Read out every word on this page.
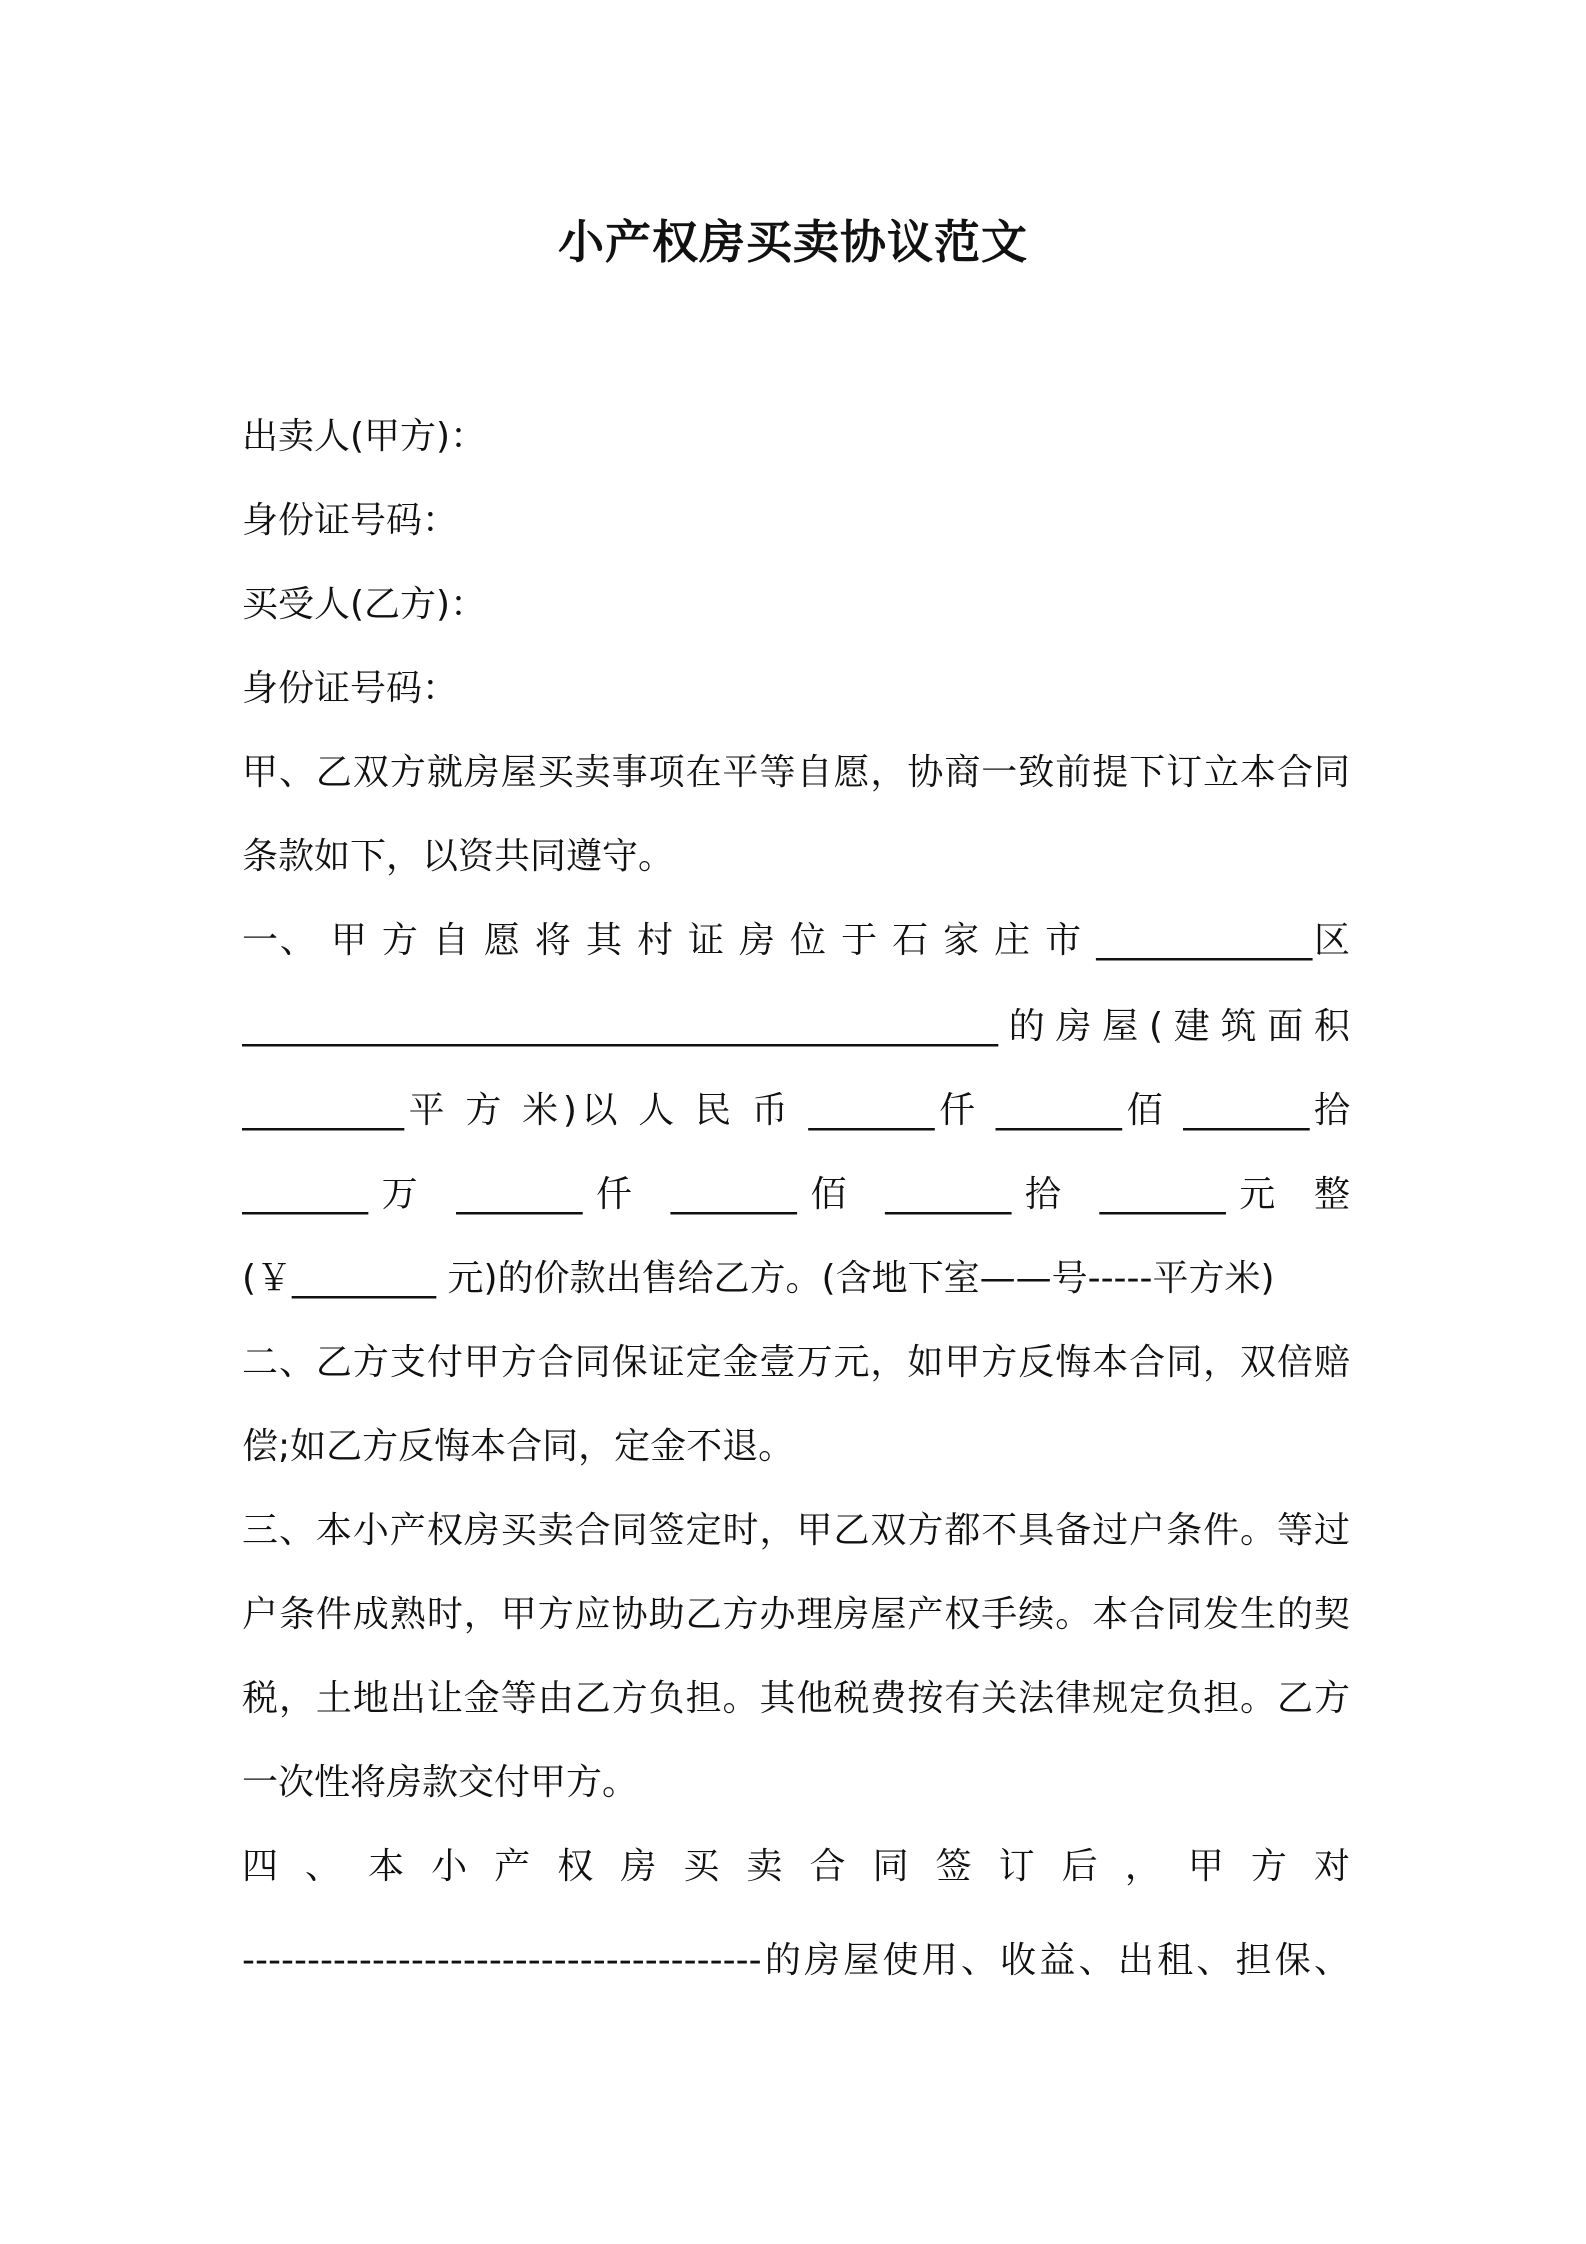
小产权房买卖协议范文
出卖人(甲方)：
身份证号码：
买受人(乙方)：
身份证号码：
甲、乙双方就房屋买卖事项在平等自愿，协商一致前提下订立本合同
条款如下，以资共同遵守。
一、 甲 方 自 愿 将 其 村 证 房 位 于 石 家 庄 市 ____________区
__________________________________________的房屋(建筑面积
_________平 方 米)以 人 民 币 _______仟 _______佰 _______拾
_______万 _______仟 _______佰 _______拾 _______元 整
(￥________ 元)的价款出售给乙方。(含地下室——号-----平方米)
二、乙方支付甲方合同保证定金壹万元，如甲方反悔本合同，双倍赔
偿;如乙方反悔本合同，定金不退。
三、本小产权房买卖合同签定时，甲乙双方都不具备过户条件。等过
户条件成熟时，甲方应协助乙方办理房屋产权手续。本合同发生的契
税，土地出让金等由乙方负担。其他税费按有关法律规定负担。乙方
一次性将房款交付甲方。
四 、 本 小 产 权 房 买 卖 合 同 签 订 后 ， 甲 方 对
----------------------------------------的房屋使用、收益、出租、担保、
